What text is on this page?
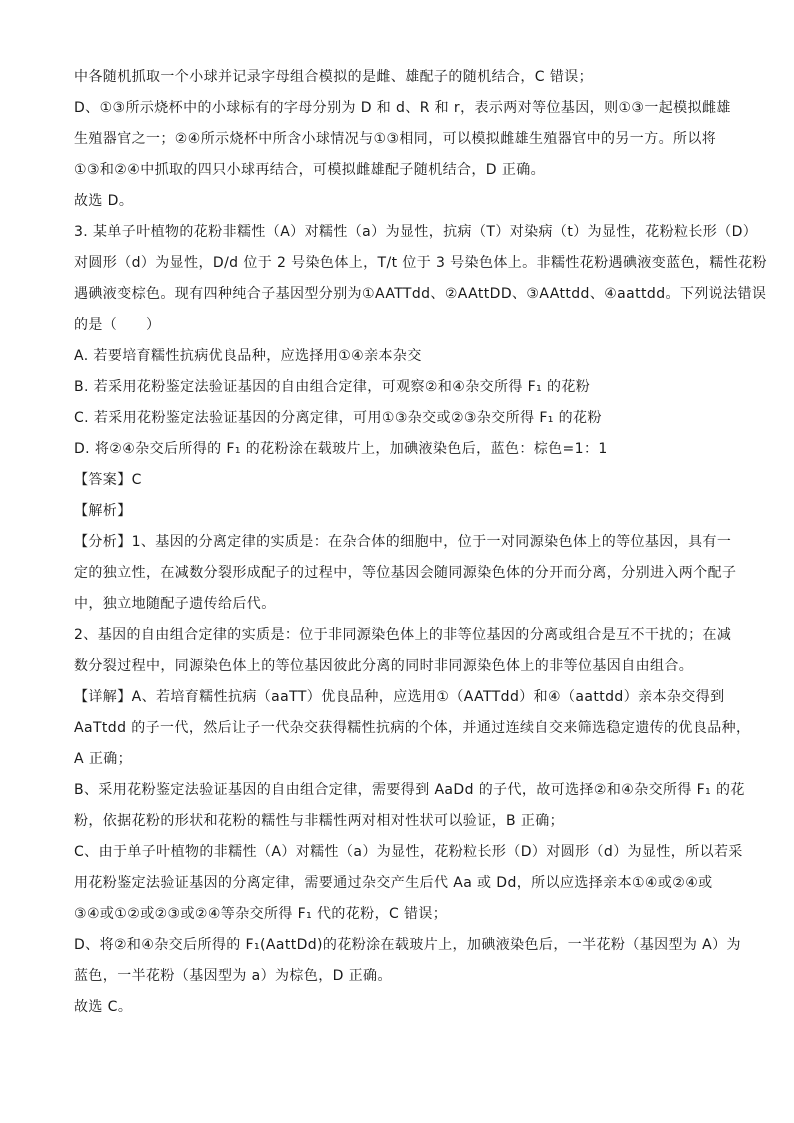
中各随机抓取一个小球并记录字母组合模拟的是雌、雄配子的随机结合，C 错误；
D、①③所示烧杯中的小球标有的字母分别为 D 和 d、R 和 r，表示两对等位基因，则①③一起模拟雌雄
生殖器官之一；②④所示烧杯中所含小球情况与①③相同，可以模拟雌雄生殖器官中的另一方。所以将
①③和②④中抓取的四只小球再结合，可模拟雌雄配子随机结合，D 正确。
故选 D。
3. 某单子叶植物的花粉非糯性（A）对糯性（a）为显性，抗病（T）对染病（t）为显性，花粉粒长形（D）
对圆形（d）为显性，D/d 位于 2 号染色体上，T/t 位于 3 号染色体上。非糯性花粉遇碘液变蓝色，糯性花粉
遇碘液变棕色。现有四种纯合子基因型分别为①AATTdd、②AAttDD、③AAttdd、④aattdd。下列说法错误
的是（　　）
A. 若要培育糯性抗病优良品种，应选择用①④亲本杂交
B. 若采用花粉鉴定法验证基因的自由组合定律，可观察②和④杂交所得 F₁ 的花粉
C. 若采用花粉鉴定法验证基因的分离定律，可用①③杂交或②③杂交所得 F₁ 的花粉
D. 将②④杂交后所得的 F₁ 的花粉涂在载玻片上，加碘液染色后，蓝色：棕色=1：1
【答案】C
【解析】
【分析】1、基因的分离定律的实质是：在杂合体的细胞中，位于一对同源染色体上的等位基因，具有一
定的独立性，在减数分裂形成配子的过程中，等位基因会随同源染色体的分开而分离，分别进入两个配子
中，独立地随配子遗传给后代。
2、基因的自由组合定律的实质是：位于非同源染色体上的非等位基因的分离或组合是互不干扰的；在减
数分裂过程中，同源染色体上的等位基因彼此分离的同时非同源染色体上的非等位基因自由组合。
【详解】A、若培育糯性抗病（aaTT）优良品种，应选用①（AATTdd）和④（aattdd）亲本杂交得到
AaTtdd 的子一代，然后让子一代杂交获得糯性抗病的个体，并通过连续自交来筛选稳定遗传的优良品种，
A 正确；
B、采用花粉鉴定法验证基因的自由组合定律，需要得到 AaDd 的子代，故可选择②和④杂交所得 F₁ 的花
粉，依据花粉的形状和花粉的糯性与非糯性两对相对性状可以验证，B 正确；
C、由于单子叶植物的非糯性（A）对糯性（a）为显性，花粉粒长形（D）对圆形（d）为显性，所以若采
用花粉鉴定法验证基因的分离定律，需要通过杂交产生后代 Aa 或 Dd，所以应选择亲本①④或②④或
③④或①②或②③或②④等杂交所得 F₁ 代的花粉，C 错误；
D、将②和④杂交后所得的 F₁(AattDd)的花粉涂在载玻片上，加碘液染色后，一半花粉（基因型为 A）为
蓝色，一半花粉（基因型为 a）为棕色，D 正确。
故选 C。
